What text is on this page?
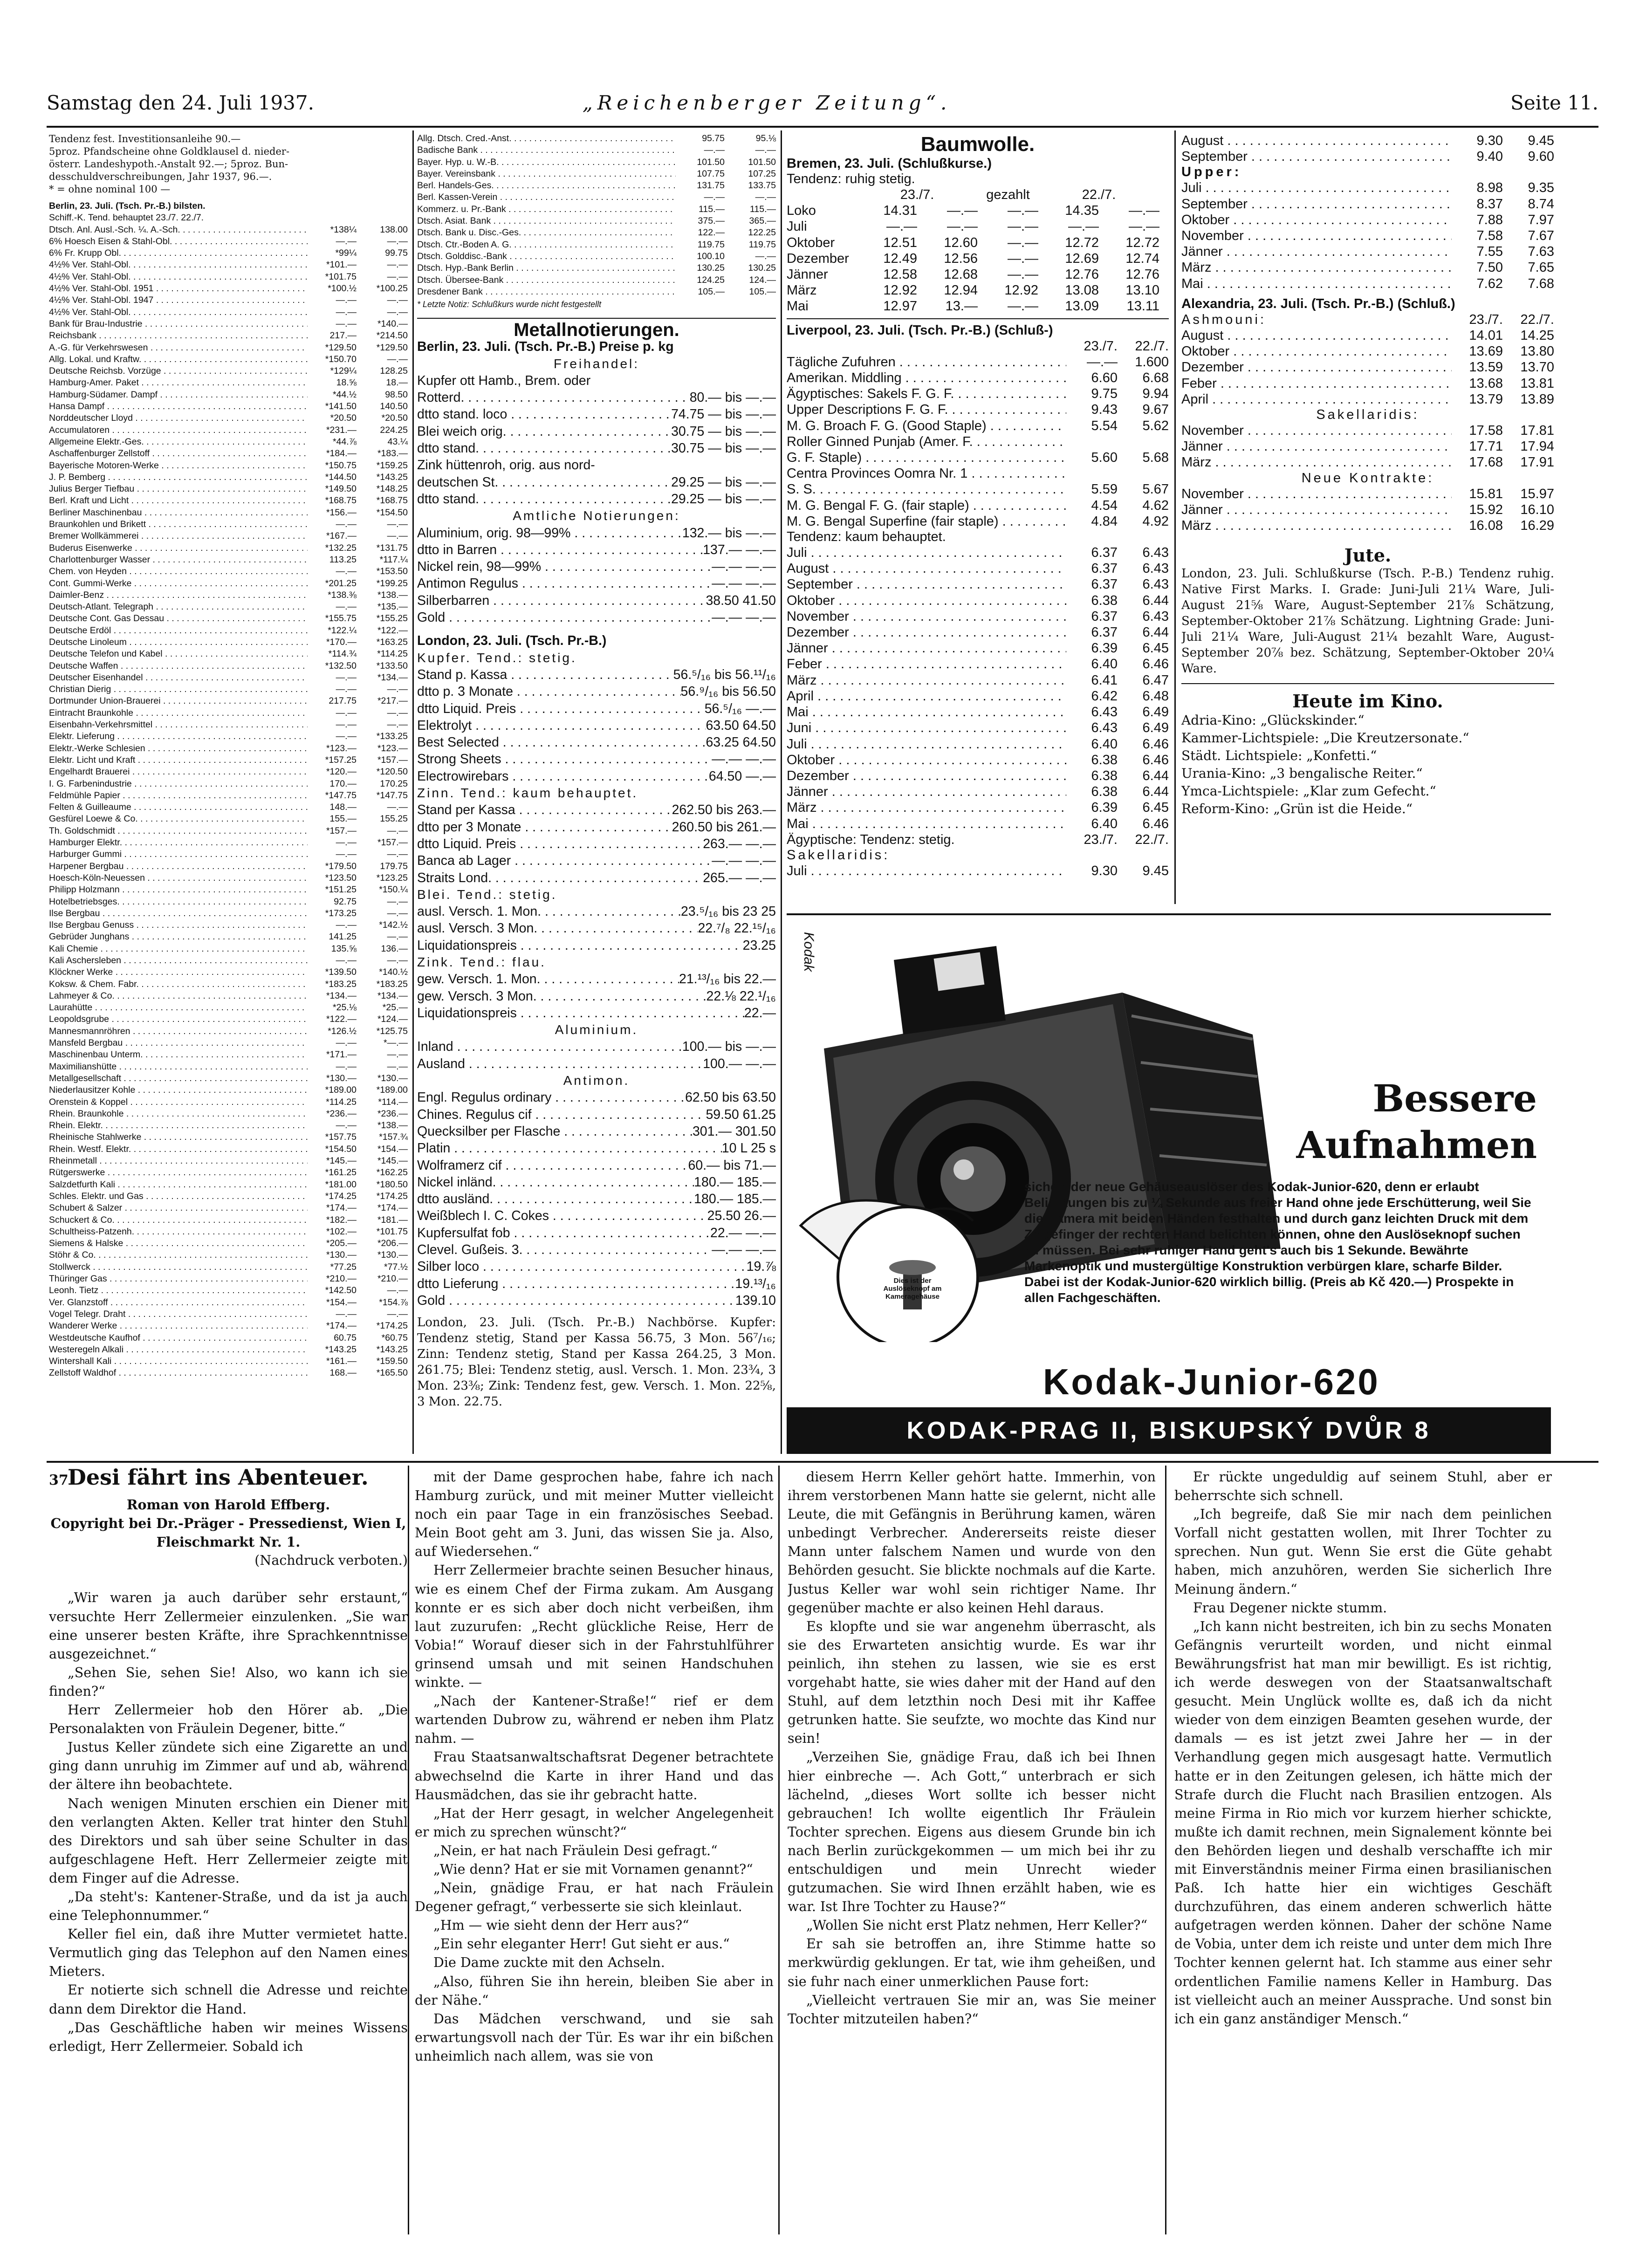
Samstag den 24. Juli 1937.	„Reichenberger Zeitung“.	Seite 11.
Tendenz fest. Investitionsanleihe 90.—
5proz. Pfandscheine ohne Goldklausel d. nieder-
österr. Landeshypoth.-Anstalt 92.—; 5proz. Bun-
desschuldverschreibungen, Jahr 1937, 96.—.
* = ohne nominal 100 —
Berlin, 23. Juli. (Tsch. Pr.-B.) bilsten.
Schiff.-K. Tend. behauptet 23./7. 22./7.
Dtsch. Anl. Ausl.-Sch. ¼. A.-Sch. . . .	*138¼	138.00
6% Hoesch Eisen & Stahl-Obl. . . .	—.—	—.—
6% Fr. Krupp Obl. . . .	*99¼	99.75
4½% Ver. Stahl-Obl. . . .	*101.—	—.—
4½% Ver. Stahl-Obl. . . .	*101.75	—.—
4½% Ver. Stahl-Obl. 1951 . . .	*100.½	*100.25
4½% Ver. Stahl-Obl. 1947 . . .	—.—	—.—
4½% Ver. Stahl-Obl. . . .	—.—	—.—
Bank für Brau-Industrie . . .	—.—	*140.—
Reichsbank . . .	217.—	*214.50
A.-G. für Verkehrswesen . . .	*129.50	*129.50
Allg. Lokal. und Kraftw. . . .	*150.70	—.—
Deutsche Reichsb. Vorzüge . . .	*129¼	128.25
Hamburg-Amer. Paket . . .	18.⅝	18.—
Hamburg-Südamer. Dampf . . .	*44.½	98.50
Hansa Dampf . . .	*141.50	140.50
Norddeutscher Lloyd . . .	*20.50	*20.50
Accumulatoren . . .	*231.—	224.25
Allgemeine Elektr.-Ges. . . .	*44.⅞	43.¼
Aschaffenburger Zellstoff . . .	*184.—	*183.—
Bayerische Motoren-Werke . . .	*150.75	*159.25
J. P. Bemberg . . .	*144.50	*143.25
Julius Berger Tiefbau . . .	*149.50	*148.25
Berl. Kraft und Licht . . .	*168.75	*168.75
Berliner Maschinenbau . . .	*156.—	*154.50
Braunkohlen und Brikett . . .	—.—	—.—
Bremer Wollkämmerei . . .	*167.—	—.—
Buderus Eisenwerke . . .	*132.25	*131.75
Charlottenburger Wasser . . .	113.25	*117.¼
Chem. von Heyden . . .	—.—	*153.50
Cont. Gummi-Werke . . .	*201.25	*199.25
Daimler-Benz . . .	*138.⅜	*138.—
Deutsch-Atlant. Telegraph . . .	—.—	*135.—
Deutsche Cont. Gas Dessau . . .	*155.75	*155.25
Deutsche Erdöl . . .	*122.¼	*122.—
Deutsche Linoleum . . .	*170.—	*163.25
Deutsche Telefon und Kabel . . .	*114.¾	*114.25
Deutsche Waffen . . .	*132.50	*133.50
Deutscher Eisenhandel . . .	—.—	*134.—
Christian Dierig . . .	—.—	—.—
Dortmunder Union-Brauerei . . .	217.75	*217.—
Eintracht Braunkohle . . .	—.—	—.—
Eisenbahn-Verkehrsmittel . . .	—.—	—.—
Elektr. Lieferung . . .	—.—	*133.25
Elektr.-Werke Schlesien . . .	*123.—	*123.—
Elektr. Licht und Kraft . . .	*157.25	*157.—
Engelhardt Brauerei . . .	*120.—	*120.50
I. G. Farbenindustrie . . .	170.—	170.25
Feldmühle Papier . . .	*147.75	*147.75
Felten & Guilleaume . . .	148.—	—.—
Gesfürel Loewe & Co. . . .	155.—	155.25
Th. Goldschmidt . . .	*157.—	—.—
Hamburger Elektr. . . .	—.—	*157.—
Harburger Gummi . . .	—.—	—.—
Harpener Bergbau . . .	*179.50	179.75
Hoesch-Köln-Neuessen . . .	*123.50	*123.25
Philipp Holzmann . . .	*151.25	*150.¼
Hotelbetriebsges. . . .	92.75	—.—
Ilse Bergbau . . .	*173.25	—.—
Ilse Bergbau Genuss . . .	—.—	*142.½
Gebrüder Junghans . . .	141.25	—.—
Kali Chemie . . .	135.⅝	136.—
Kali Aschersleben . . .	—.—	—.—
Klöckner Werke . . .	*139.50	*140.½
Koksw. & Chem. Fabr. . . .	*183.25	*183.25
Lahmeyer & Co. . . .	*134.—	*134.—
Laurahütte . . .	*25.⅛	*25.—
Leopoldsgrube . . .	*122.—	*124.—
Mannesmannröhren . . .	*126.½	*125.75
Mansfeld Bergbau . . .	—.—	*—.—
Maschinenbau Unterm. . . .	*171.—	—.—
Maximilianshütte . . .	—.—	—.—
Metallgesellschaft . . .	*130.—	*130.—
Niederlausitzer Kohle . . .	*189.00	*189.00
Orenstein & Koppel . . .	*114.25	*114.—
Rhein. Braunkohle . . .	*236.—	*236.—
Rhein. Elektr. . . .	—.—	*138.—
Rheinische Stahlwerke . . .	*157.75	*157.¾
Rhein. Westf. Elektr. . . .	*154.50	*154.—
Rheinmetall . . .	*145.—	*145.—
Rütgerswerke . . .	*161.25	*162.25
Salzdetfurth Kali . . .	*181.00	*180.50
Schles. Elektr. und Gas . . .	*174.25	*174.25
Schubert & Salzer . . .	*174.—	*174.—
Schuckert & Co. . . .	*182.—	*181.—
Schultheiss-Patzenh. . . .	*102.—	*101.75
Siemens & Halske . . .	*205.—	*206.—
Stöhr & Co. . . .	*130.—	*130.—
Stollwerck . . .	*77.25	*77.½
Thüringer Gas . . .	*210.—	*210.—
Leonh. Tietz . . .	*142.50	—.—
Ver. Glanzstoff . . .	*154.—	*154.⅞
Vogel Telegr. Draht . . .	—.—	—.—
Wanderer Werke . . .	*174.—	*174.25
Westdeutsche Kaufhof . . .	60.75	*60.75
Westeregeln Alkali . . .	*143.25	*143.25
Wintershall Kali . . .	*161.—	*159.50
Zellstoff Waldhof . . .	168.—	*165.50
Allg. Dtsch. Cred.-Anst. . . .	95.75	95.⅛
Badische Bank . . .	—.—	—.—
Bayer. Hyp. u. W.-B. . . .	101.50	101.50
Bayer. Vereinsbank . . .	107.75	107.25
Berl. Handels-Ges. . . .	131.75	133.75
Berl. Kassen-Verein . . .	—.—	—.—
Kommerz. u. Pr.-Bank . . .	115.—	115.—
Dtsch. Asiat. Bank . . .	375.—	365.—
Dtsch. Bank u. Disc.-Ges. . . .	122.—	122.25
Dtsch. Ctr.-Boden A. G. . . .	119.75	119.75
Dtsch. Golddisc.-Bank . . .	100.10	—.—
Dtsch. Hyp.-Bank Berlin . . .	130.25	130.25
Dtsch. Überseе-Bank . . .	124.25	124.—
Dresdener Bank . . .	105.—	105.—
* Letzte Notiz: Schlußkurs wurde nicht festgestellt
Metallnotierungen.
Berlin, 23. Juli. (Tsch. Pr.-B.) Preise p. kg
Freihandel:
Kupfer ott Hamb., Brem. oder
Rotterd. . . .	80.— bis —.—
dtto stand. loco . . .	74.75 — bis —.—
Blei weich orig. . . .	30.75 — bis —.—
dtto stand. . . .	30.75 — bis —.—
Zink hüttenroh, orig. aus nord-
deutschen St. . . .	29.25 — bis —.—
dtto stand. . . .	29.25 — bis —.—
Amtliche Notierungen:
Aluminium, orig. 98—99% . . .	132.— bis —.—
dtto in Barren . . .	137.— —.—
Nickel rein, 98—99% . . .	—.— —.—
Antimon Regulus . . .	—.— —.—
Silberbarren . . .	38.50 41.50
Gold . . .	—.— —.—
London, 23. Juli. (Tsch. Pr.-B.)
Kupfer. Tend.: stetig.
Stand p. Kassa . . .	56.⁵/₁₆ bis 56.¹¹/₁₆
dtto p. 3 Monate . . .	56.⁹/₁₆ bis 56.50
dtto Liquid. Preis . . .	56.⁵/₁₆ —.—
Elektrolyt . . .	63.50 64.50
Best Selected . . .	63.25 64.50
Strong Sheets . . .	—.— —.—
Electrowirebars . . .	64.50 —.—
Zinn. Tend.: kaum behauptet.
Stand per Kassa . . .	262.50 bis 263.—
dtto per 3 Monate . . .	260.50 bis 261.—
dtto Liquid. Preis . . .	263.— —.—
Banca ab Lager . . .	—.— —.—
Straits Lond. . . .	265.— —.—
Blei. Tend.: stetig.
ausl. Versch. 1. Mon. . . .	23.⁵/₁₆ bis 23 25
ausl. Versch. 3 Mon. . . .	22.⁷/₈ 22.¹⁵/₁₆
Liquidationspreis . . .	23.25
Zink. Tend.: flau.
gew. Versch. 1. Mon. . . .	21.¹³/₁₆ bis 22.—
gew. Versch. 3 Mon. . . .	22.⅛ 22.¹/₁₆
Liquidationspreis . . .	22.—
Aluminium.
Inland . . .	100.— bis —.—
Ausland . . .	100.— —.—
Antimon.
Engl. Regulus ordinary . . .	62.50 bis 63.50
Chines. Regulus cif . . .	59.50 61.25
Quecksilber per Flasche . . .	301.— 301.50
Platin . . .	10 L 25 s
Wolframerz cif . . .	60.— bis 71.—
Nickel inländ. . . .	180.— 185.—
dtto ausländ. . . .	180.— 185.—
Weißblech I. C. Cokes . . .	25.50 26.—
Kupfersulfat fob . . .	22.— —.—
Clevel. Gußeis. 3. . . .	—.— —.—
Silber loco . . .	19.⅞
dtto Lieferung . . .	19.¹³/₁₆
Gold . . .	139.10
London, 23. Juli. (Tsch. Pr.-B.) Nachbörse. Kupfer: Tendenz stetig, Stand per Kassa 56.75, 3 Mon. 56⁷/₁₆; Zinn: Tendenz stetig, Stand per Kassa 264.25, 3 Mon. 261.75; Blei: Tendenz stetig, ausl. Versch. 1. Mon. 23¾, 3 Mon. 23⅜; Zink: Tendenz fest, gew. Versch. 1. Mon. 22⅝, 3 Mon. 22.75.
Baumwolle.
Bremen, 23. Juli. (Schlußkurse.)
Tendenz: ruhig stetig.
23./7.	gezahlt	22./7.
Loko	14.31	—.—	—.—	14.35	—.—
Juli	—.—	—.—	—.—	—.—	—.—
Oktober	12.51	12.60	—.—	12.72	12.72
Dezember	12.49	12.56	—.—	12.69	12.74
Jänner	12.58	12.68	—.—	12.76	12.76
März	12.92	12.94	12.92	13.08	13.10
Mai	12.97	13.—	—.—	13.09	13.11
Liverpool, 23. Juli. (Tsch. Pr.-B.) (Schluß-)
23./7.	22./7.
Tägliche Zufuhren . . .	—.—	1.600
Amerikan. Middling . . .	6.60	6.68
Ägyptisches: Sakels F. G. F. . . .	9.75	9.94
Upper Descriptions F. G. F. . . .	9.43	9.67
M. G. Broach F. G. (Good Staple) . . .	5.54	5.62
Roller Ginned Punjab (Amer. F. . . .
G. F. Staple) . . .	5.60	5.68
Centra Provinces Oomra Nr. 1 . . .
S. S. . . .	5.59	5.67
M. G. Bengal F. G. (fair staple) . . .	4.54	4.62
M. G. Bengal Superfine (fair staple) . . .	4.84	4.92
Tendenz: kaum behauptet.
Juli . . .	6.37	6.43
August . . .	6.37	6.43
September . . .	6.37	6.43
Oktober . . .	6.38	6.44
November . . .	6.37	6.43
Dezember . . .	6.37	6.44
Jänner . . .	6.39	6.45
Feber . . .	6.40	6.46
März . . .	6.41	6.47
April . . .	6.42	6.48
Mai . . .	6.43	6.49
Juni . . .	6.43	6.49
Juli . . .	6.40	6.46
Oktober . . .	6.38	6.46
Dezember . . .	6.38	6.44
Jänner . . .	6.38	6.44
März . . .	6.39	6.45
Mai . . .	6.40	6.46
Ägyptische: Tendenz: stetig.	23./7.	22./7.
Sakellaridis:
Juli . . .	9.30	9.45
August . . .	9.30	9.45
September . . .	9.40	9.60
Upper:
Juli . . .	8.98	9.35
September . . .	8.37	8.74
Oktober . . .	7.88	7.97
November . . .	7.58	7.67
Jänner . . .	7.55	7.63
März . . .	7.50	7.65
Mai . . .	7.62	7.68
Alexandria, 23. Juli. (Tsch. Pr.-B.) (Schluß.)
Ashmouni:	23./7.	22./7.
August . . .	14.01	14.25
Oktober . . .	13.69	13.80
Dezember . . .	13.59	13.70
Feber . . .	13.68	13.81
April . . .	13.79	13.89
Sakellaridis:
November . . .	17.58	17.81
Jänner . . .	17.71	17.94
März . . .	17.68	17.91
Neue Kontrakte:
November . . .	15.81	15.97
Jänner . . .	15.92	16.10
März . . .	16.08	16.29
Jute.
London, 23. Juli. Schlußkurse (Tsch. P.-B.) Tendenz ruhig. Native First Marks. I. Grade: Juni-Juli 21¼ Ware, Juli-August 21⅝ Ware, August-September 21⅞ Schätzung, September-Oktober 21⅞ Schätzung. Lightning Grade: Juni-Juli 21¼ Ware, Juli-August 21¼ bezahlt Ware, August-September 20⅞ bez. Schätzung, September-Oktober 20¼ Ware.
Heute im Kino.
Adria-Kino: „Glückskinder.“
Kammer-Lichtspiele: „Die Kreutzersonate.“
Städt. Lichtspiele: „Konfetti.“
Urania-Kino: „3 bengalische Reiter.“
Ymca-Lichtspiele: „Klar zum Gefecht.“
Reform-Kino: „Grün ist die Heide.“
Dies ist der Auslöseknopf am Kameragehäuse
Kodak
Bessere
Aufnahmen
sichert der neue Gehäuseauslöser des Kodak-Junior-620, denn er erlaubt Belichtungen bis zu ¼ Sekunde aus freier Hand ohne jede Erschütterung, weil Sie die Kamera mit beiden Händen festhalten und durch ganz leichten Druck mit dem Zeigefinger der rechten Hand belichten können, ohne den Auslöseknopf suchen zu müssen. Bei sehr ruhiger Hand geht's auch bis 1 Sekunde. Bewährte Markenoptik und mustergültige Konstruktion verbürgen klare, scharfe Bilder. Dabei ist der Kodak-Junior-620 wirklich billig. (Preis ab Kč 420.—) Prospekte in allen Fachgeschäften.
Kodak-Junior-620
KODAK-PRAG II, BISKUPSKÝ DVŮR 8
37
Desi fährt ins Abenteuer.
Roman von Harold Effberg.
Copyright bei Dr.-Präger - Pressedienst, Wien I, Fleischmarkt Nr. 1.
(Nachdruck verboten.)

„Wir waren ja auch darüber sehr erstaunt,“ versuchte Herr Zellermeier einzulenken. „Sie war eine unserer besten Kräfte, ihre Sprachkenntnisse ausgezeichnet.“

„Sehen Sie, sehen Sie! Also, wo kann ich sie finden?“

Herr Zellermeier hob den Hörer ab. „Die Personalakten von Fräulein Degener, bitte.“

Justus Keller zündete sich eine Zigarette an und ging dann unruhig im Zimmer auf und ab, während der ältere ihn beobachtete.

Nach wenigen Minuten erschien ein Diener mit den verlangten Akten. Keller trat hinter den Stuhl des Direktors und sah über seine Schulter in das aufgeschlagene Heft. Herr Zellermeier zeigte mit dem Finger auf die Adresse.

„Da steht's: Kantener-Straße, und da ist ja auch eine Telephonnummer.“

Keller fiel ein, daß ihre Mutter vermietet hatte. Vermutlich ging das Telephon auf den Namen eines Mieters.

Er notierte sich schnell die Adresse und reichte dann dem Direktor die Hand.

„Das Geschäftliche haben wir meines Wissens erledigt, Herr Zellermeier. Sobald ich

mit der Dame gesprochen habe, fahre ich nach Hamburg zurück, und mit meiner Mutter vielleicht noch ein paar Tage in ein französisches Seebad. Mein Boot geht am 3. Juni, das wissen Sie ja. Also, auf Wiedersehen.“

Herr Zellermeier brachte seinen Besucher hinaus, wie es einem Chef der Firma zukam. Am Ausgang konnte er es sich aber doch nicht verbeißen, ihm laut zuzurufen: „Recht glückliche Reise, Herr de Vobia!“ Worauf dieser sich in der Fahrstuhlführer grinsend umsah und mit seinen Handschuhen winkte. —

„Nach der Kantener-Straße!“ rief er dem wartenden Dubrow zu, während er neben ihm Platz nahm. —

Frau Staatsanwaltschaftsrat Degener betrachtete abwechselnd die Karte in ihrer Hand und das Hausmädchen, das sie ihr gebracht hatte.

„Hat der Herr gesagt, in welcher Angelegenheit er mich zu sprechen wünscht?“

„Nein, er hat nach Fräulein Desi gefragt.“

„Wie denn? Hat er sie mit Vornamen genannt?“

„Nein, gnädige Frau, er hat nach Fräulein Degener gefragt,“ verbesserte sie sich kleinlaut.

„Hm — wie sieht denn der Herr aus?“

„Ein sehr eleganter Herr! Gut sieht er aus.“

Die Dame zuckte mit den Achseln.

„Also, führen Sie ihn herein, bleiben Sie aber in der Nähe.“

Das Mädchen verschwand, und sie sah erwartungsvoll nach der Tür. Es war ihr ein bißchen unheimlich nach allem, was sie von

diesem Herrn Keller gehört hatte. Immerhin, von ihrem verstorbenen Mann hatte sie gelernt, nicht alle Leute, die mit Gefängnis in Berührung kamen, wären unbedingt Verbrecher. Andererseits reiste dieser Mann unter falschem Namen und wurde von den Behörden gesucht. Sie blickte nochmals auf die Karte. Justus Keller war wohl sein richtiger Name. Ihr gegenüber machte er also keinen Hehl daraus.

Es klopfte und sie war angenehm überrascht, als sie des Erwarteten ansichtig wurde. Es war ihr peinlich, ihn stehen zu lassen, wie sie es erst vorgehabt hatte, sie wies daher mit der Hand auf den Stuhl, auf dem letzthin noch Desi mit ihr Kaffee getrunken hatte. Sie seufzte, wo mochte das Kind nur sein!

„Verzeihen Sie, gnädige Frau, daß ich bei Ihnen hier einbreche —. Ach Gott,“ unterbrach er sich lächelnd, „dieses Wort sollte ich besser nicht gebrauchen! Ich wollte eigentlich Ihr Fräulein Tochter sprechen. Eigens aus diesem Grunde bin ich nach Berlin zurückgekommen — um mich bei ihr zu entschuldigen und mein Unrecht wieder gutzumachen. Sie wird Ihnen erzählt haben, wie es war. Ist Ihre Tochter zu Hause?“

„Wollen Sie nicht erst Platz nehmen, Herr Keller?“

Er sah sie betroffen an, ihre Stimme hatte so merkwürdig geklungen. Er tat, wie ihm geheißen, und sie fuhr nach einer unmerklichen Pause fort:

„Vielleicht vertrauen Sie mir an, was Sie meiner Tochter mitzuteilen haben?“

Er rückte ungeduldig auf seinem Stuhl, aber er beherrschte sich schnell.

„Ich begreife, daß Sie mir nach dem peinlichen Vorfall nicht gestatten wollen, mit Ihrer Tochter zu sprechen. Nun gut. Wenn Sie erst die Güte gehabt haben, mich anzuhören, werden Sie sicherlich Ihre Meinung ändern.“

Frau Degener nickte stumm.

„Ich kann nicht bestreiten, ich bin zu sechs Monaten Gefängnis verurteilt worden, und nicht einmal Bewährungsfrist hat man mir bewilligt. Es ist richtig, ich werde deswegen von der Staatsanwaltschaft gesucht. Mein Unglück wollte es, daß ich da nicht wieder von dem einzigen Beamten gesehen wurde, der damals — es ist jetzt zwei Jahre her — in der Verhandlung gegen mich ausgesagt hatte. Vermutlich hatte er in den Zeitungen gelesen, ich hätte mich der Strafe durch die Flucht nach Brasilien entzogen. Als meine Firma in Rio mich vor kurzem hierher schickte, mußte ich damit rechnen, mein Signalement könnte bei den Behörden liegen und deshalb verschaffte ich mir mit Einverständnis meiner Firma einen brasilianischen Paß. Ich hatte hier ein wichtiges Geschäft durchzuführen, das einem anderen schwerlich hätte aufgetragen werden können. Daher der schöne Name de Vobia, unter dem ich reiste und unter dem mich Ihre Tochter kennen gelernt hat. Ich stamme aus einer sehr ordentlichen Familie namens Keller in Hamburg. Das ist vielleicht auch an meiner Aussprache. Und sonst bin ich ein ganz anständiger Mensch.“
